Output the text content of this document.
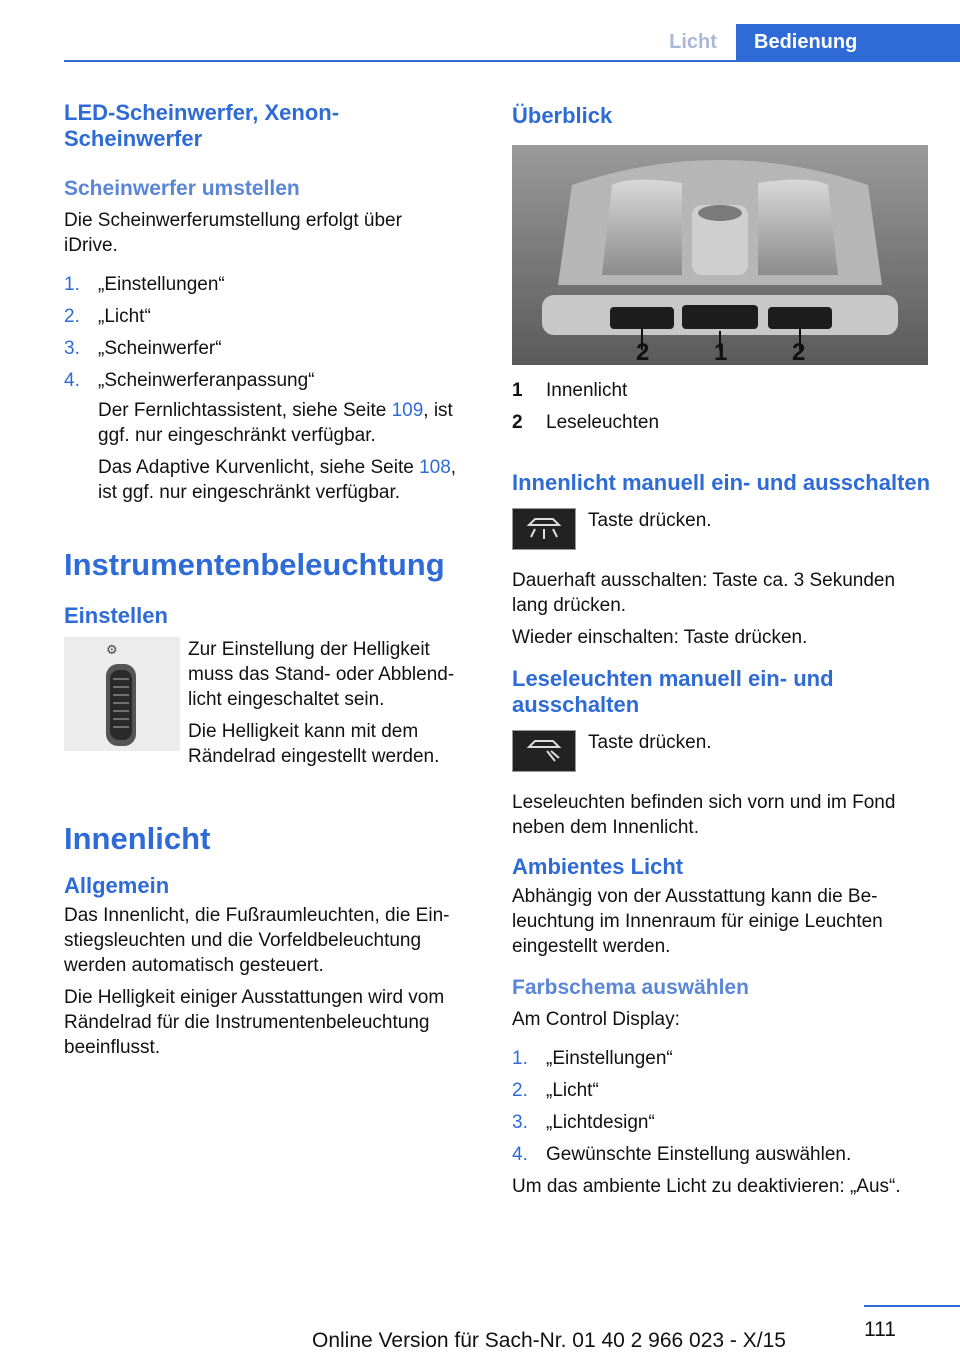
Licht	Bedienung
LED-Scheinwerfer, Xenon-Scheinwerfer
Scheinwerfer umstellen

Die Scheinwerferumstellung erfolgt über iDrive.

1. „Einstellungen“
2. „Licht“
3. „Scheinwerfer“
4. „Scheinwerferanpassung“

Der Fernlichtassistent, siehe Seite 109, ist ggf. nur eingeschränkt verfügbar.

Das Adaptive Kurvenlicht, siehe Seite 108, ist ggf. nur eingeschränkt verfügbar.

Instrumentenbeleuchtung
Einstellen
⚙	Zur Einstellung der Helligkeit muss das Stand- oder Abblend-licht eingeschaltet sein.

Die Helligkeit kann mit dem Rändelrad eingestellt werden.

Innenlicht
Allgemein

Das Innenlicht, die Fußraumleuchten, die Ein-stiegsleuchten und die Vorfeldbeleuchtung werden automatisch gesteuert.

Die Helligkeit einiger Ausstattungen wird vom Rändelrad für die Instrumentenbeleuchtung beeinflusst.

Überblick
2	1	2
1 Innenlicht
2 Leseleuchten
Innenlicht manuell ein- und ausschalten

Taste drücken.

Dauerhaft ausschalten: Taste ca. 3 Sekunden lang drücken.

Wieder einschalten: Taste drücken.

Leseleuchten manuell ein- und ausschalten

Taste drücken.

Leseleuchten befinden sich vorn und im Fond neben dem Innenlicht.

Ambientes Licht

Abhängig von der Ausstattung kann die Be-leuchtung im Innenraum für einige Leuchten eingestellt werden.

Farbschema auswählen

Am Control Display:

1. „Einstellungen“
2. „Licht“
3. „Lichtdesign“
4. Gewünschte Einstellung auswählen.

Um das ambiente Licht zu deaktivieren: „Aus“.

111
Online Version für Sach-Nr. 01 40 2 966 023 - X/15
